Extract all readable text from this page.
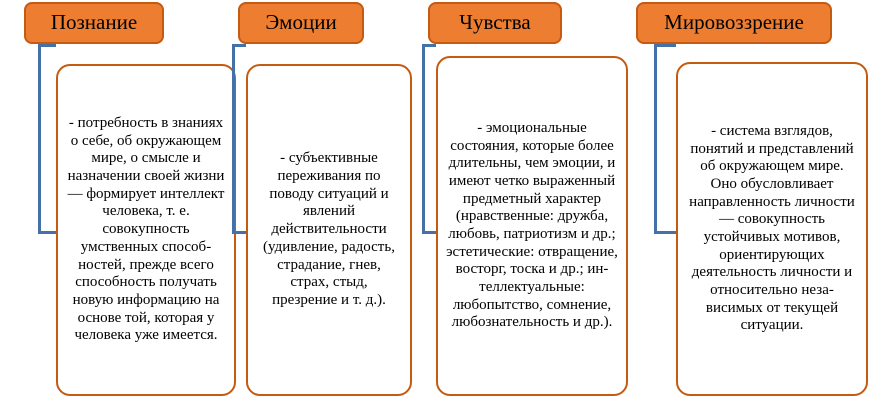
Познание

- потребность в знаниях о себе, об окружающем мире, о смысле и назначении своей жизни — формирует интеллект человека, т. е. совокупность умственных способ-ностей, прежде всего способность получать новую информацию на основе той, которая у человека уже имеется.

Эмоции

- субъективные переживания по поводу ситуаций и явлений действительности (удивление, радость, страдание, гнев, страх, стыд, презрение и т. д.).

Чувства

- эмоциональные состояния, которые более длительны, чем эмоции, и имеют четко выраженный предметный характер (нравственные: дружба, любовь, патриотизм и др.; эстетические: отвращение, восторг, тоска и др.; ин-теллектуальные: любопытство, сомнение, любознательность и др.).

Мировоззрение

- система взглядов, понятий и представлений об окружающем мире. Оно обусловливает направленность личности — совокупность устойчивых мотивов, ориентирующих деятельность личности и относительно неза-висимых от текущей ситуации.
